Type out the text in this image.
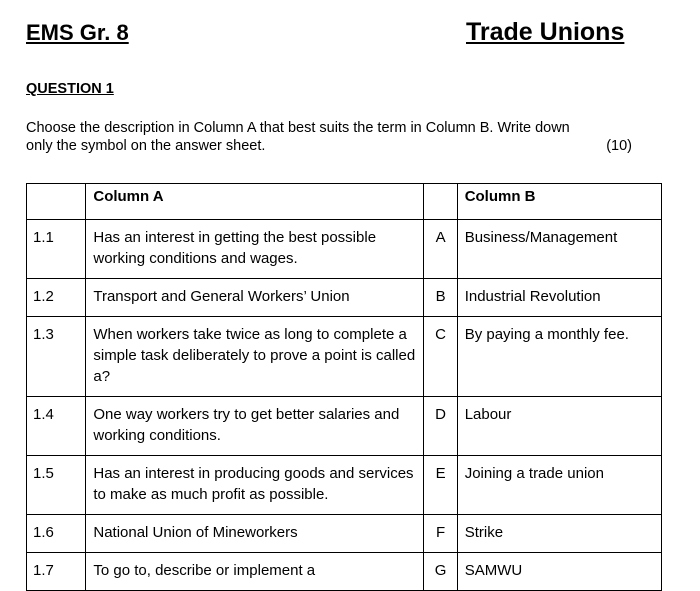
EMS Gr. 8	Trade Unions
QUESTION 1
Choose the description in Column A that best suits the term in Column B. Write down
only the symbol on the answer sheet.	(10)
	Column A		Column B
1.1	Has an interest in getting the best possible working conditions and wages.	A	Business/Management
1.2	Transport and General Workers’ Union	B	Industrial Revolution
1.3	When workers take twice as long to complete a simple task deliberately to prove a point is called a?	C	By paying a monthly fee.
1.4	One way workers try to get better salaries and working conditions.	D	Labour
1.5	Has an interest in producing goods and services to make as much profit as possible.	E	Joining a trade union
1.6	National Union of Mineworkers	F	Strike
1.7	To go to, describe or implement a	G	SAMWU
